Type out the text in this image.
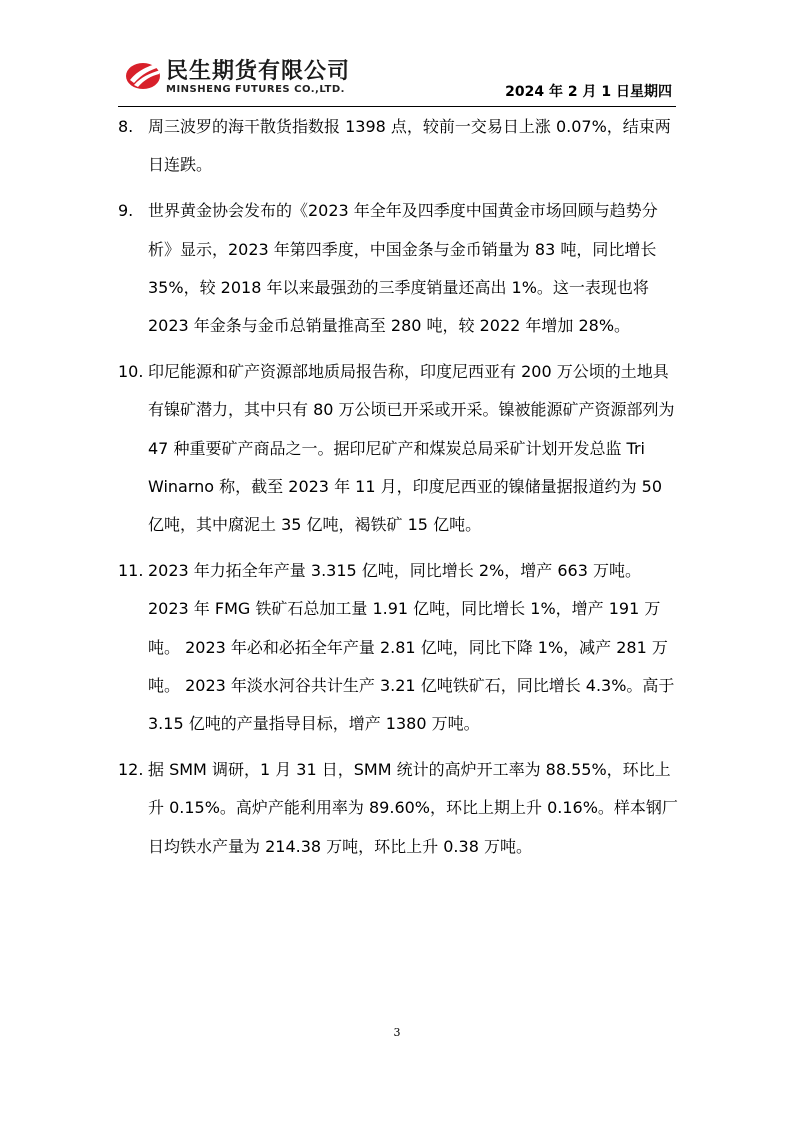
民生期货有限公司
MINSHENG FUTURES CO.,LTD.	2024 年 2 月 1 日星期四
8. 周三波罗的海干散货指数报 1398 点，较前一交易日上涨 0.07%，结束两日连跌。
9. 世界黄金协会发布的《2023 年全年及四季度中国黄金市场回顾与趋势分析》显示，2023 年第四季度，中国金条与金币销量为 83 吨，同比增长 35%，较 2018 年以来最强劲的三季度销量还高出 1%。这一表现也将 2023 年金条与金币总销量推高至 280 吨，较 2022 年增加 28%。
10. 印尼能源和矿产资源部地质局报告称，印度尼西亚有 200 万公顷的土地具有镍矿潜力，其中只有 80 万公顷已开采或开采。镍被能源矿产资源部列为 47 种重要矿产商品之一。据印尼矿产和煤炭总局采矿计划开发总监 Tri Winarno 称，截至 2023 年 11 月，印度尼西亚的镍储量据报道约为 50 亿吨，其中腐泥土 35 亿吨，褐铁矿 15 亿吨。
11. 2023 年力拓全年产量 3.315 亿吨，同比增长 2%，增产 663 万吨。2023 年 FMG 铁矿石总加工量 1.91 亿吨，同比增长 1%，增产 191 万吨。 2023 年必和必拓全年产量 2.81 亿吨，同比下降 1%，减产 281 万吨。 2023 年淡水河谷共计生产 3.21 亿吨铁矿石，同比增长 4.3%。高于 3.15 亿吨的产量指导目标，增产 1380 万吨。
12. 据 SMM 调研，1 月 31 日，SMM 统计的高炉开工率为 88.55%，环比上升 0.15%。高炉产能利用率为 89.60%，环比上期上升 0.16%。样本钢厂日均铁水产量为 214.38 万吨，环比上升 0.38 万吨。
3
